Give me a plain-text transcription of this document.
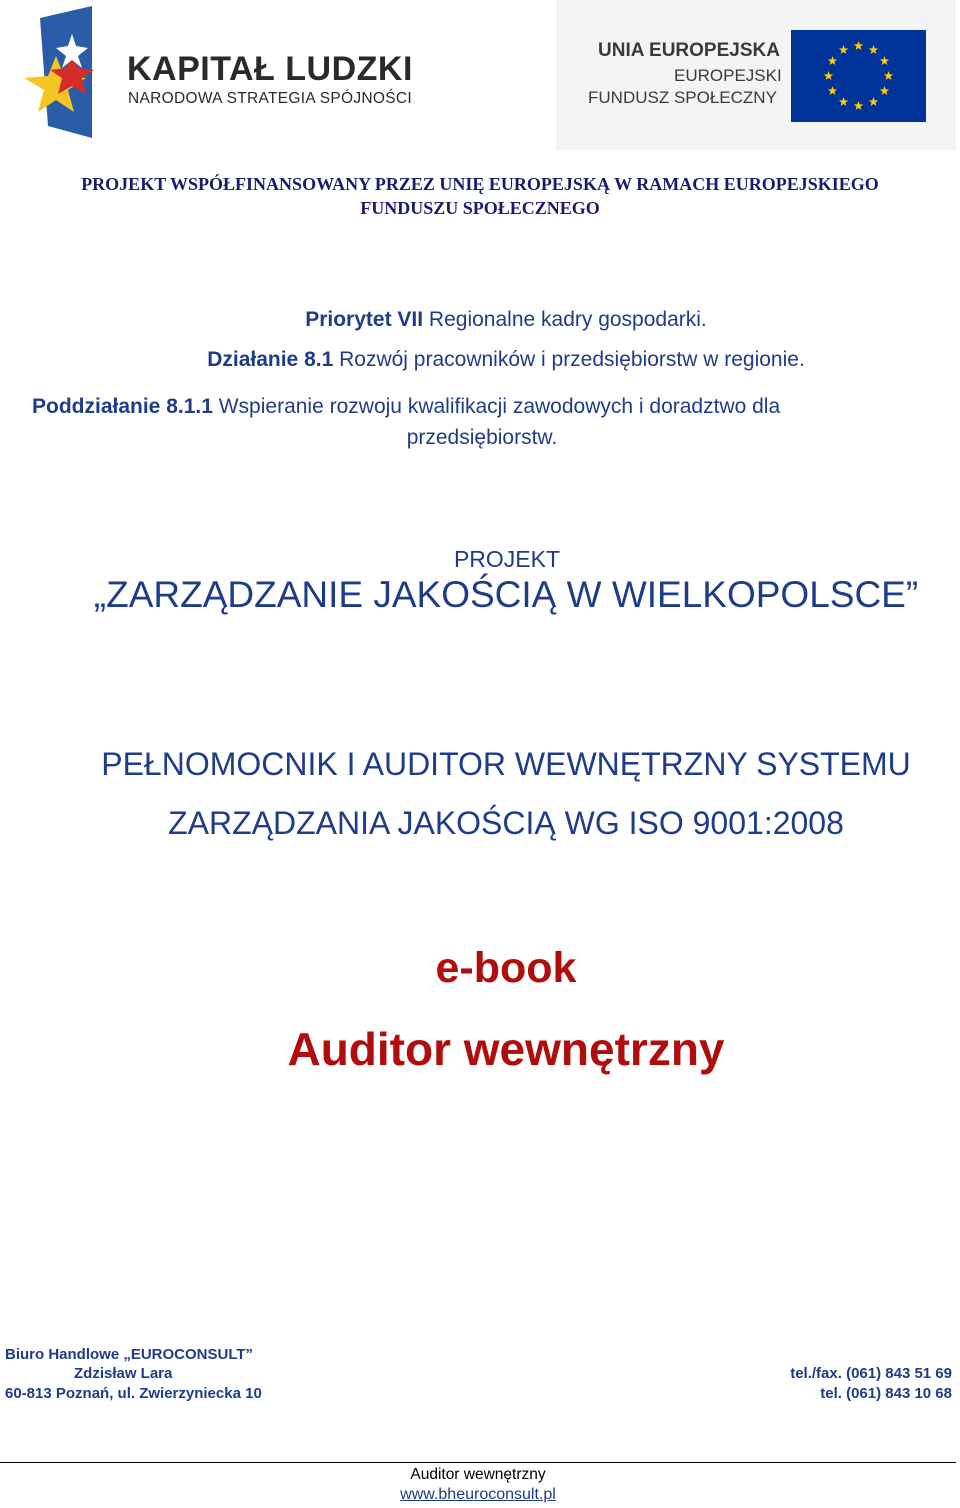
KAPITAŁ LUDZKI
NARODOWA STRATEGIA SPÓJNOŚCI
UNIA EUROPEJSKA
EUROPEJSKI
FUNDUSZ SPOŁECZNY
PROJEKT WSPÓŁFINANSOWANY PRZEZ UNIĘ EUROPEJSKĄ W RAMACH EUROPEJSKIEGO
FUNDUSZU SPOŁECZNEGO
Priorytet VII Regionalne kadry gospodarki.
Działanie 8.1 Rozwój pracowników i przedsiębiorstw w regionie.
Poddziałanie 8.1.1 Wspieranie rozwoju kwalifikacji zawodowych i doradztwo dla
przedsiębiorstw.
PROJEKT
„ZARZĄDZANIE JAKOŚCIĄ W WIELKOPOLSCE”
PEŁNOMOCNIK I AUDITOR WEWNĘTRZNY SYSTEMU
ZARZĄDZANIA JAKOŚCIĄ WG ISO 9001:2008
e-book
Auditor wewnętrzny
Biuro Handlowe „EUROCONSULT”
Zdzisław Lara
60-813 Poznań, ul. Zwierzyniecka 10
tel./fax. (061) 843 51 69
tel. (061) 843 10 68
Auditor wewnętrzny
www.bheuroconsult.pl
